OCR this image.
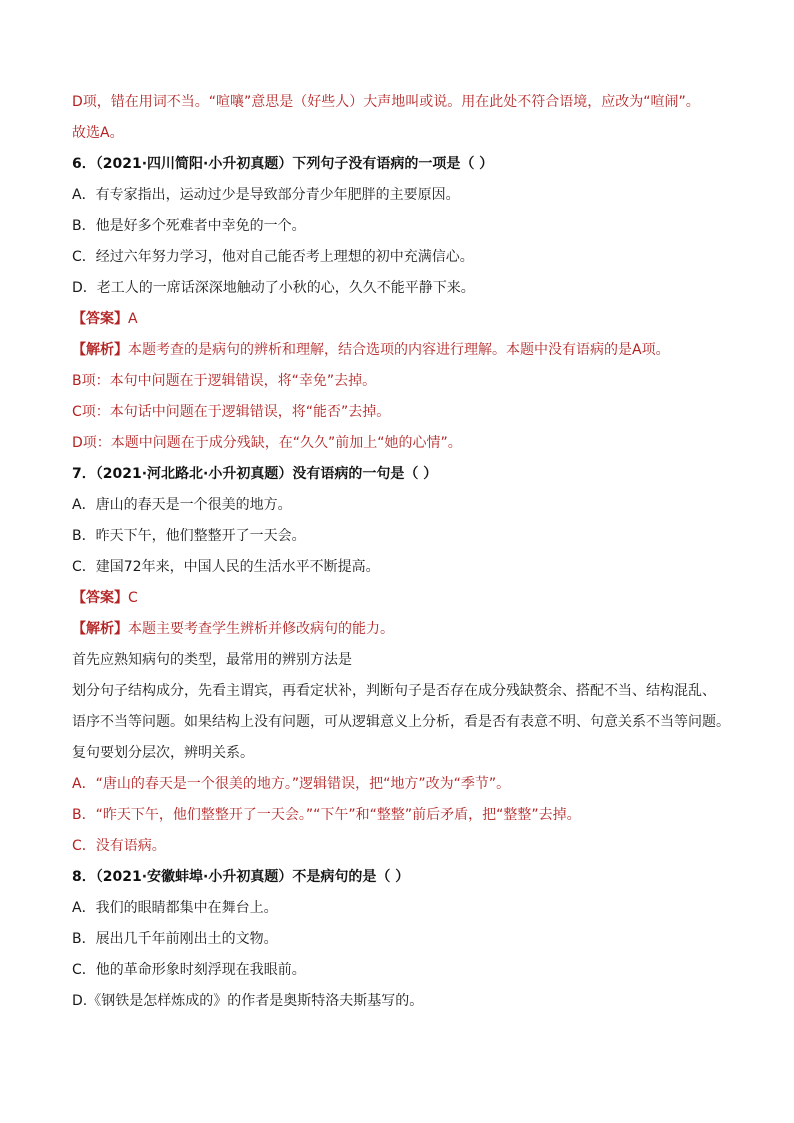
D项，错在用词不当。“喧嚷”意思是（好些人）大声地叫或说。用在此处不符合语境，应改为“喧闹”。
故选A。
6．（2021·四川简阳·小升初真题）下列句子没有语病的一项是（ ）
A．有专家指出，运动过少是导致部分青少年肥胖的主要原因。
B．他是好多个死难者中幸免的一个。
C．经过六年努力学习，他对自己能否考上理想的初中充满信心。
D．老工人的一席话深深地触动了小秋的心，久久不能平静下来。
【答案】A
【解析】本题考查的是病句的辨析和理解，结合选项的内容进行理解。本题中没有语病的是A项。
B项：本句中问题在于逻辑错误，将“幸免”去掉。
C项：本句话中问题在于逻辑错误，将“能否”去掉。
D项：本题中问题在于成分残缺，在“久久”前加上“她的心情”。
7．（2021·河北路北·小升初真题）没有语病的一句是（ ）
A．唐山的春天是一个很美的地方。
B．昨天下午，他们整整开了一天会。
C．建国72年来，中国人民的生活水平不断提高。
【答案】C
【解析】本题主要考查学生辨析并修改病句的能力。
首先应熟知病句的类型，最常用的辨别方法是
划分句子结构成分，先看主谓宾，再看定状补，判断句子是否存在成分残缺赘余、搭配不当、结构混乱、
语序不当等问题。如果结构上没有问题，可从逻辑意义上分析，看是否有表意不明、句意关系不当等问题。
复句要划分层次，辨明关系。
A．“唐山的春天是一个很美的地方。”逻辑错误，把“地方”改为“季节”。
B．“昨天下午，他们整整开了一天会。”“下午”和“整整”前后矛盾，把“整整”去掉。
C．没有语病。
8．（2021·安徽蚌埠·小升初真题）不是病句的是（ ）
A．我们的眼睛都集中在舞台上。
B．展出几千年前刚出土的文物。
C．他的革命形象时刻浮现在我眼前。
D.《钢铁是怎样炼成的》的作者是奥斯特洛夫斯基写的。
